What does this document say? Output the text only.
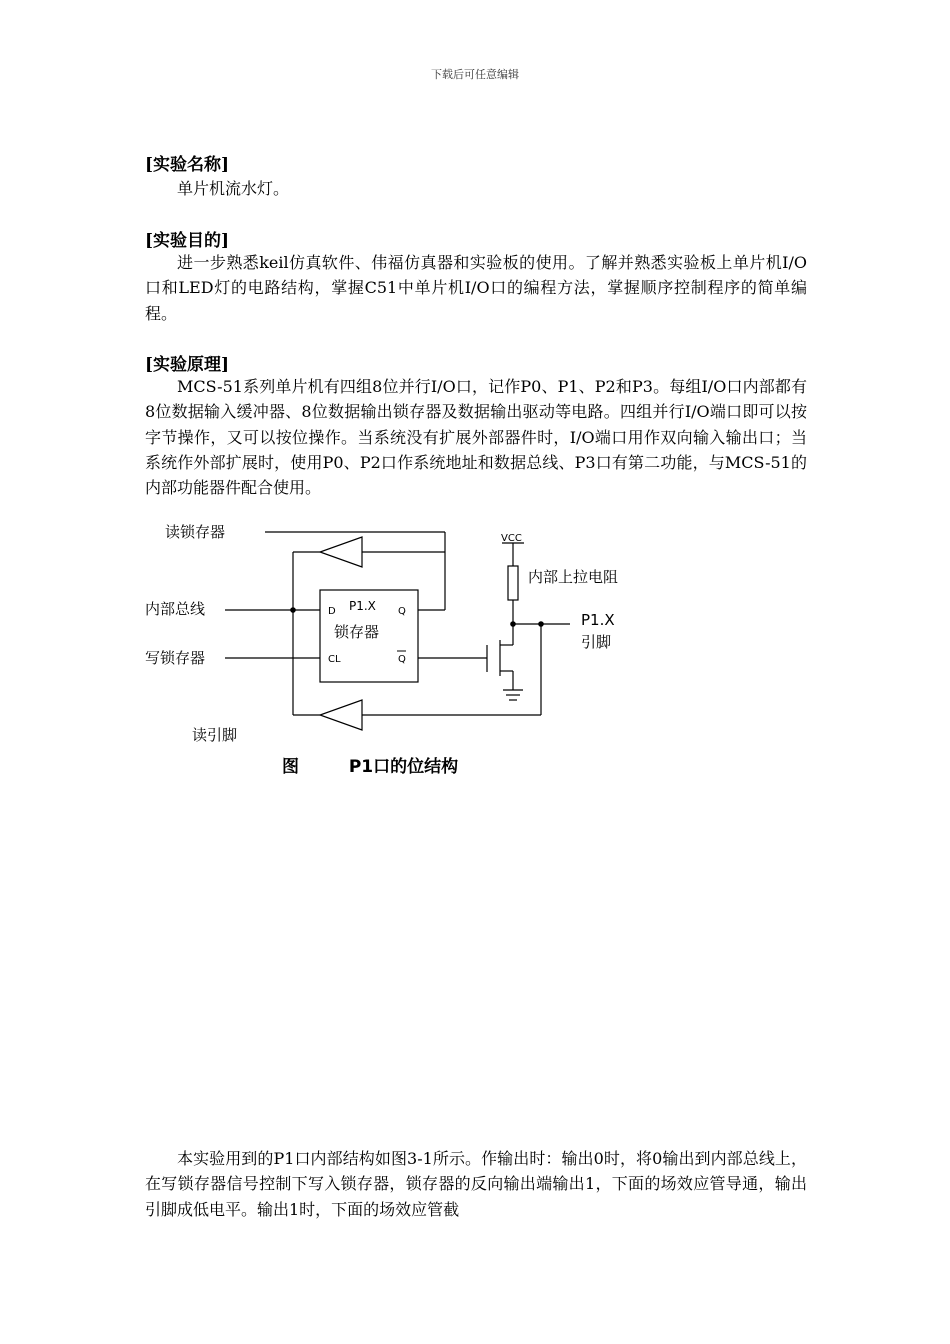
下载后可任意编辑
[实验名称]
单片机流水灯。
[实验目的]
进一步熟悉keil仿真软件、伟福仿真器和实验板的使用。了解并熟悉实验板上单片机I/O口和LED灯的电路结构，掌握C51中单片机I/O口的编程方法，掌握顺序控制程序的简单编程。
[实验原理]
MCS-51系列单片机有四组8位并行I/O口，记作P0、P1、P2和P3。每组I/O口内部都有8位数据输入缓冲器、8位数据输出锁存器及数据输出驱动等电路。四组并行I/O端口即可以按字节操作，又可以按位操作。当系统没有扩展外部器件时，I/O端口用作双向输入输出口；当系统作外部扩展时，使用P0、P2口作系统地址和数据总线、P3口有第二功能，与MCS-51的内部功能器件配合使用。
读锁存器
内部总线
写锁存器
读引脚
D P1.X Q
锁存器
CL	Q
VCC
内部上拉电阻
P1.X
引脚
图	P1口的位结构
本实验用到的P1口内部结构如图3-1所示。作输出时：输出0时，将0输出到内部总线上，在写锁存器信号控制下写入锁存器，锁存器的反向输出端输出1，下面的场效应管导通，输出引脚成低电平。输出1时，下面的场效应管截
